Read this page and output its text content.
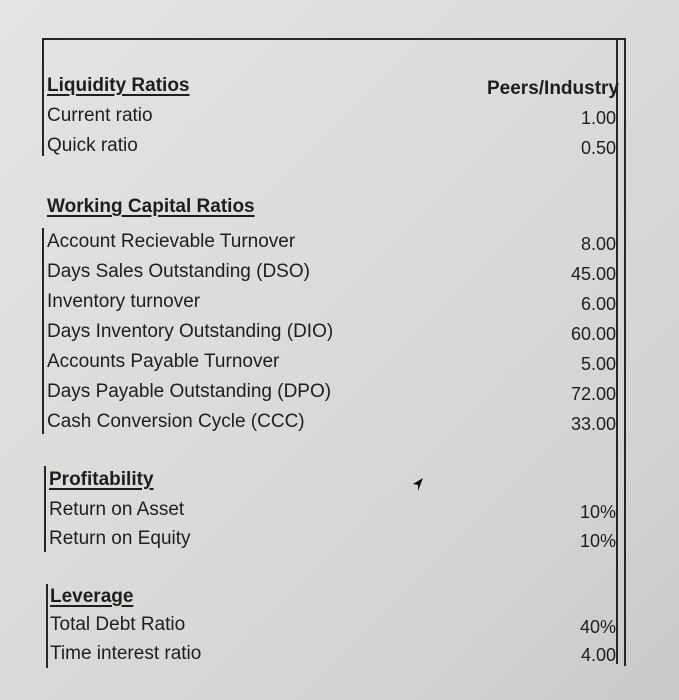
Peers/Industry
Liquidity Ratios
Current ratio	1.00
Quick ratio	0.50
Working Capital Ratios
Account Recievable Turnover	8.00
Days Sales Outstanding (DSO)	45.00
Inventory turnover	6.00
Days Inventory Outstanding (DIO)	60.00
Accounts Payable Turnover	5.00
Days Payable Outstanding (DPO)	72.00
Cash Conversion Cycle (CCC)	33.00
Profitability
Return on Asset	10%
Return on Equity	10%
Leverage
Total Debt Ratio	40%
Time interest ratio	4.00
